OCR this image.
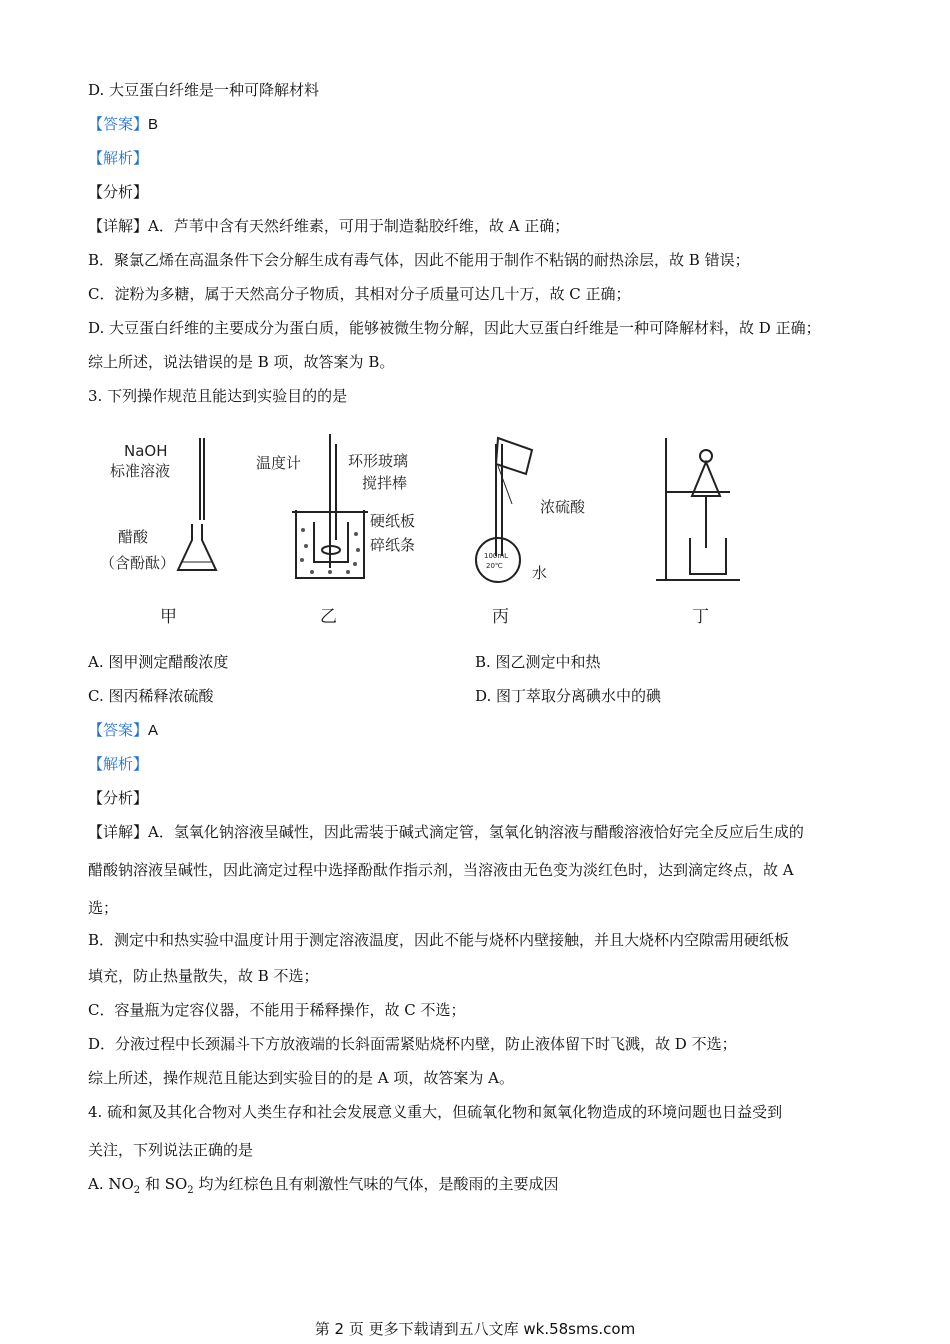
D. 大豆蛋白纤维是一种可降解材料
【答案】B
【解析】
【分析】
【详解】A．芦苇中含有天然纤维素，可用于制造黏胶纤维，故 A 正确；
B．聚氯乙烯在高温条件下会分解生成有毒气体，因此不能用于制作不粘锅的耐热涂层，故 B 错误；
C．淀粉为多糖，属于天然高分子物质，其相对分子质量可达几十万，故 C 正确；
D. 大豆蛋白纤维的主要成分为蛋白质，能够被微生物分解，因此大豆蛋白纤维是一种可降解材料，故 D 正确；
综上所述，说法错误的是 B 项，故答案为 B。
3. 下列操作规范且能达到实验目的的是
NaOH
标准溶液
醋酸
（含酚酞）
甲
温度计	环形玻璃
搅拌棒
硬纸板
碎纸条
乙
100mL
20℃
浓硫酸
水
丙	丁
A. 图甲测定醋酸浓度	B. 图乙测定中和热
C. 图丙稀释浓硫酸	D. 图丁萃取分离碘水中的碘
【答案】A
【解析】
【分析】
【详解】A．氢氧化钠溶液呈碱性，因此需装于碱式滴定管，氢氧化钠溶液与醋酸溶液恰好完全反应后生成的
醋酸钠溶液呈碱性，因此滴定过程中选择酚酞作指示剂，当溶液由无色变为淡红色时，达到滴定终点，故 A
选；
B．测定中和热实验中温度计用于测定溶液温度，因此不能与烧杯内壁接触，并且大烧杯内空隙需用硬纸板
填充，防止热量散失，故 B 不选；
C．容量瓶为定容仪器，不能用于稀释操作，故 C 不选；
D．分液过程中长颈漏斗下方放液端的长斜面需紧贴烧杯内壁，防止液体留下时飞溅，故 D 不选；
综上所述，操作规范且能达到实验目的的是 A 项，故答案为 A。
4. 硫和氮及其化合物对人类生存和社会发展意义重大，但硫氧化物和氮氧化物造成的环境问题也日益受到
关注，下列说法正确的是
A. $NO_2$ 和 $SO_2$ 均为红棕色且有刺激性气味的气体，是酸雨的主要成因
第 2 页 更多下载请到五八文库 wk.58sms.com
